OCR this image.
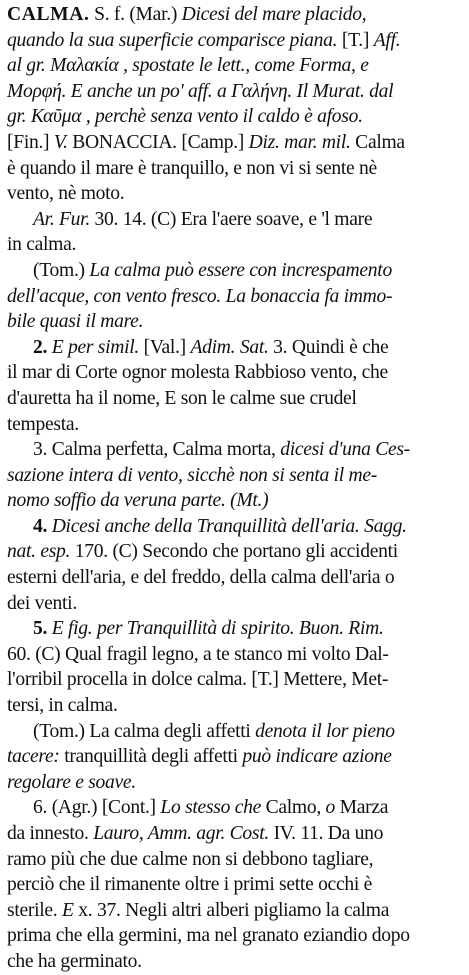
CALMA. S. f. (Mar.) Dicesi del mare placido,
quando la sua superficie comparisce piana. [T.] Aff.
al gr. Μαλακία , spostate le lett., come Forma, e
Μορφή. E anche un po' aff. a Γαλήνη. Il Murat. dal
gr. Καῦμα , perchè senza vento il caldo è afoso.
[Fin.] V. BONACCIA. [Camp.] Diz. mar. mil. Calma
è quando il mare è tranquillo, e non vi si sente nè
vento, nè moto.
Ar. Fur. 30. 14. (C) Era l'aere soave, e 'l mare
in calma.
(Tom.) La calma può essere con increspamento
dell'acque, con vento fresco. La bonaccia fa immo-
bile quasi il mare.
2. E per simil. [Val.] Adim. Sat. 3. Quindi è che
il mar di Corte ognor molesta Rabbioso vento, che
d'auretta ha il nome, E son le calme sue crudel
tempesta.
3. Calma perfetta, Calma morta, dicesi d'una Ces-
sazione intera di vento, sicchè non si senta il me-
nomo soffio da veruna parte. (Mt.)
4. Dicesi anche della Tranquillità dell'aria. Sagg.
nat. esp. 170. (C) Secondo che portano gli accidenti
esterni dell'aria, e del freddo, della calma dell'aria o
dei venti.
5. E fig. per Tranquillità di spirito. Buon. Rim.
60. (C) Qual fragil legno, a te stanco mi volto Dal-
l'orribil procella in dolce calma. [T.] Mettere, Met-
tersi, in calma.
(Tom.) La calma degli affetti denota il lor pieno
tacere: tranquillità degli affetti può indicare azione
regolare e soave.
6. (Agr.) [Cont.] Lo stesso che Calmo, o Marza
da innesto. Lauro, Amm. agr. Cost. IV. 11. Da uno
ramo più che due calme non si debbono tagliare,
perciò che il rimanente oltre i primi sette occhi è
sterile. E x. 37. Negli altri alberi pigliamo la calma
prima che ella germini, ma nel granato eziandio dopo
che ha germinato.
